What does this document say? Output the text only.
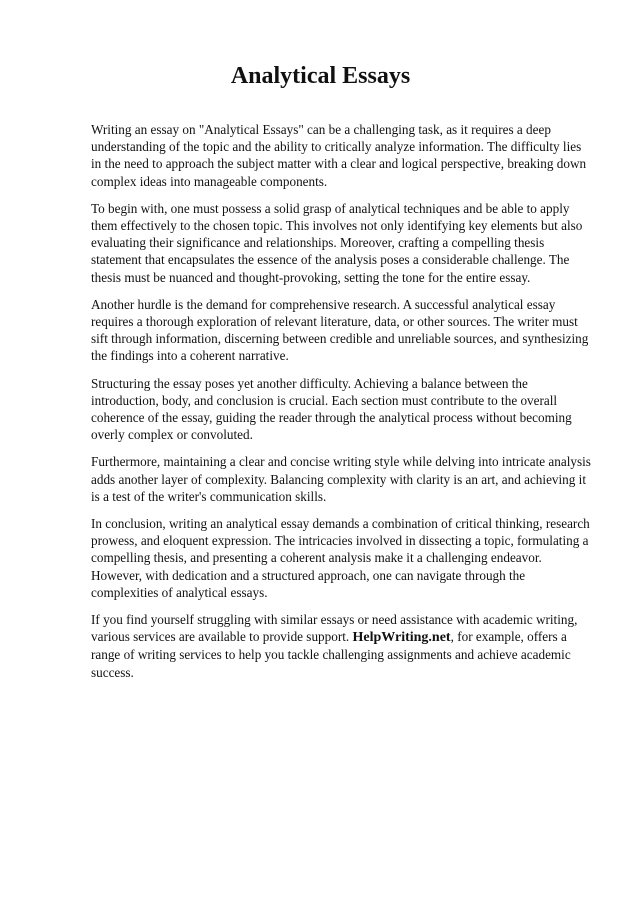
Analytical Essays

Writing an essay on "Analytical Essays" can be a challenging task, as it requires a deep understanding of the topic and the ability to critically analyze information. The difficulty lies in the need to approach the subject matter with a clear and logical perspective, breaking down complex ideas into manageable components.

To begin with, one must possess a solid grasp of analytical techniques and be able to apply them effectively to the chosen topic. This involves not only identifying key elements but also evaluating their significance and relationships. Moreover, crafting a compelling thesis statement that encapsulates the essence of the analysis poses a considerable challenge. The thesis must be nuanced and thought-provoking, setting the tone for the entire essay.

Another hurdle is the demand for comprehensive research. A successful analytical essay requires a thorough exploration of relevant literature, data, or other sources. The writer must sift through information, discerning between credible and unreliable sources, and synthesizing the findings into a coherent narrative.

Structuring the essay poses yet another difficulty. Achieving a balance between the introduction, body, and conclusion is crucial. Each section must contribute to the overall coherence of the essay, guiding the reader through the analytical process without becoming overly complex or convoluted.

Furthermore, maintaining a clear and concise writing style while delving into intricate analysis adds another layer of complexity. Balancing complexity with clarity is an art, and achieving it is a test of the writer's communication skills.

In conclusion, writing an analytical essay demands a combination of critical thinking, research prowess, and eloquent expression. The intricacies involved in dissecting a topic, formulating a compelling thesis, and presenting a coherent analysis make it a challenging endeavor. However, with dedication and a structured approach, one can navigate through the complexities of analytical essays.

If you find yourself struggling with similar essays or need assistance with academic writing, various services are available to provide support. HelpWriting.net, for example, offers a range of writing services to help you tackle challenging assignments and achieve academic success.
